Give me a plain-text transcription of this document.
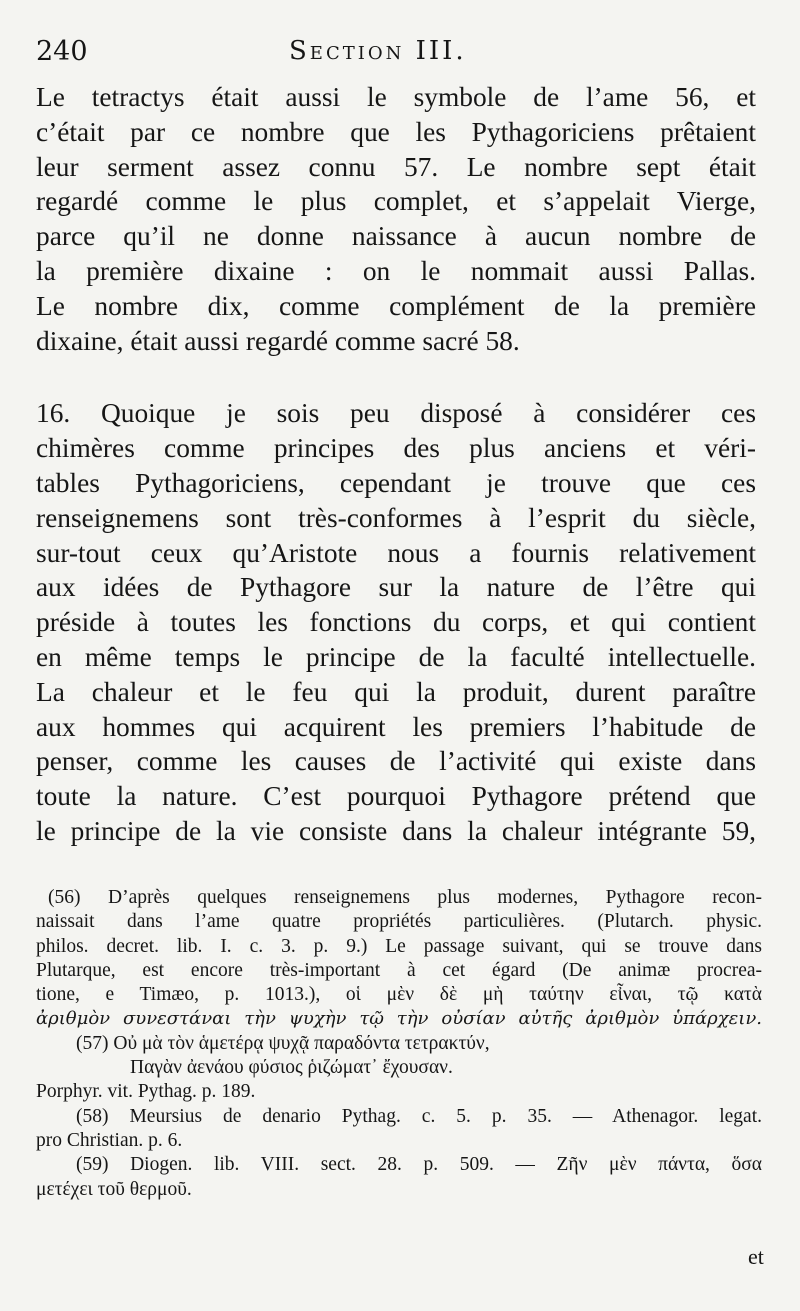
240	Section III.
Le tetractys était aussi le symbole de l’ame 56, et
c’était par ce nombre que les Pythagoriciens prêtaient
leur serment assez connu 57. Le nombre sept était
regardé comme le plus complet, et s’appelait Vierge,
parce qu’il ne donne naissance à aucun nombre de
la première dixaine : on le nommait aussi Pallas.
Le nombre dix, comme complément de la première
dixaine, était aussi regardé comme sacré 58.
16. Quoique je sois peu disposé à considérer ces
chimères comme principes des plus anciens et véri-
tables Pythagoriciens, cependant je trouve que ces
renseignemens sont très-conformes à l’esprit du siècle,
sur-tout ceux qu’Aristote nous a fournis relativement
aux idées de Pythagore sur la nature de l’être qui
préside à toutes les fonctions du corps, et qui contient
en même temps le principe de la faculté intellectuelle.
La chaleur et le feu qui la produit, durent paraître
aux hommes qui acquirent les premiers l’habitude de
penser, comme les causes de l’activité qui existe dans
toute la nature. C’est pourquoi Pythagore prétend que
le principe de la vie consiste dans la chaleur intégrante 59,
(56) D’après quelques renseignemens plus modernes, Pythagore recon-
naissait dans l’ame quatre propriétés particulières. (Plutarch. physic.
philos. decret. lib. I. c. 3. p. 9.) Le passage suivant, qui se trouve dans
Plutarque, est encore très-important à cet égard (De animæ procrea-
tione, e Timæo, p. 1013.), οἱ μὲν δὲ μὴ ταύτην εἶναι, τῷ κατὰ
ἀριθμὸν συνεστάναι τὴν ψυχὴν τῷ τὴν οὐσίαν αὐτῆς ἀριθμὸν ὑπάρχειν.
(57) Οὐ μὰ τὸν ἁμετέρᾳ ψυχᾷ παραδόντα τετρακτύν,
Παγὰν ἀενάου φύσιος ῥιζώματ᾽ ἔχουσαν.
Porphyr. vit. Pythag. p. 189.
(58) Meursius de denario Pythag. c. 5. p. 35. — Athenagor. legat.
pro Christian. p. 6.
(59) Diogen. lib. VIII. sect. 28. p. 509. — Ζῆν μὲν πάντα, ὅσα
μετέχει τοῦ θερμοῦ.
et
